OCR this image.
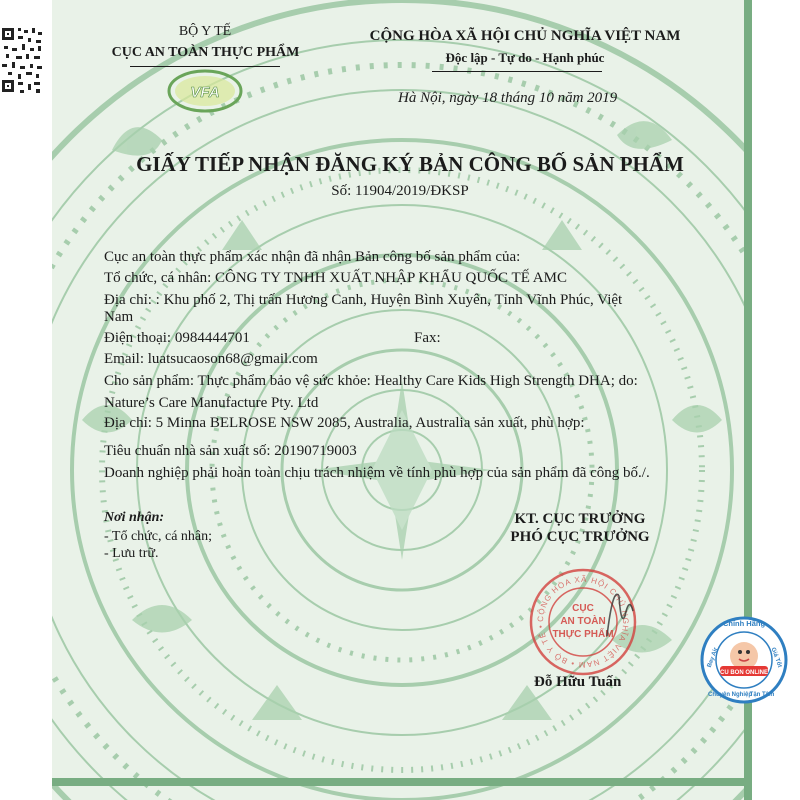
BỘ Y TẾ
CỤC AN TOÀN THỰC PHẨM
VFA
CỘNG HÒA XÃ HỘI CHỦ NGHĨA VIỆT NAM
Độc lập - Tự do - Hạnh phúc
Hà Nội, ngày 18 tháng 10 năm 2019
GIẤY TIẾP NHẬN ĐĂNG KÝ BẢN CÔNG BỐ SẢN PHẨM
Số: 11904/2019/ĐKSP
Cục an toàn thực phẩm xác nhận đã nhận Bản công bố sản phẩm của:
Tổ chức, cá nhân: CÔNG TY TNHH XUẤT NHẬP KHẨU QUỐC TẾ AMC
Địa chỉ: : Khu phố 2, Thị trấn Hương Canh, Huyện Bình Xuyên, Tỉnh Vĩnh Phúc, Việt
Nam
Điện thoại: 0984444701	Fax:
Email: luatsucaoson68@gmail.com
Cho sản phẩm: Thực phẩm bảo vệ sức khỏe: Healthy Care Kids High Strength DHA; do:
Nature’s Care Manufacture Pty. Ltd
Địa chỉ: 5 Minna BELROSE NSW 2085, Australia, Australia sản xuất, phù hợp:
Tiêu chuẩn nhà sản xuất số: 20190719003
Doanh nghiệp phải hoàn toàn chịu trách nhiệm về tính phù hợp của sản phẩm đã công bố./.
Nơi nhận:
- Tổ chức, cá nhân;
- Lưu trữ.
KT. CỤC TRƯỞNG
PHÓ CỤC TRƯỞNG
CỘNG HÒA XÃ HỘI CHỦ NGHĨA VIỆT NAM • BỘ Y TẾ •
CỤC
AN TOÀN
THỰC PHẨM
Đỗ Hữu Tuấn
CU BON ONLINE
Chính Hãng
Bay Air	Giá Tốt
Chuyên Nghiệp
Tận Tâm
